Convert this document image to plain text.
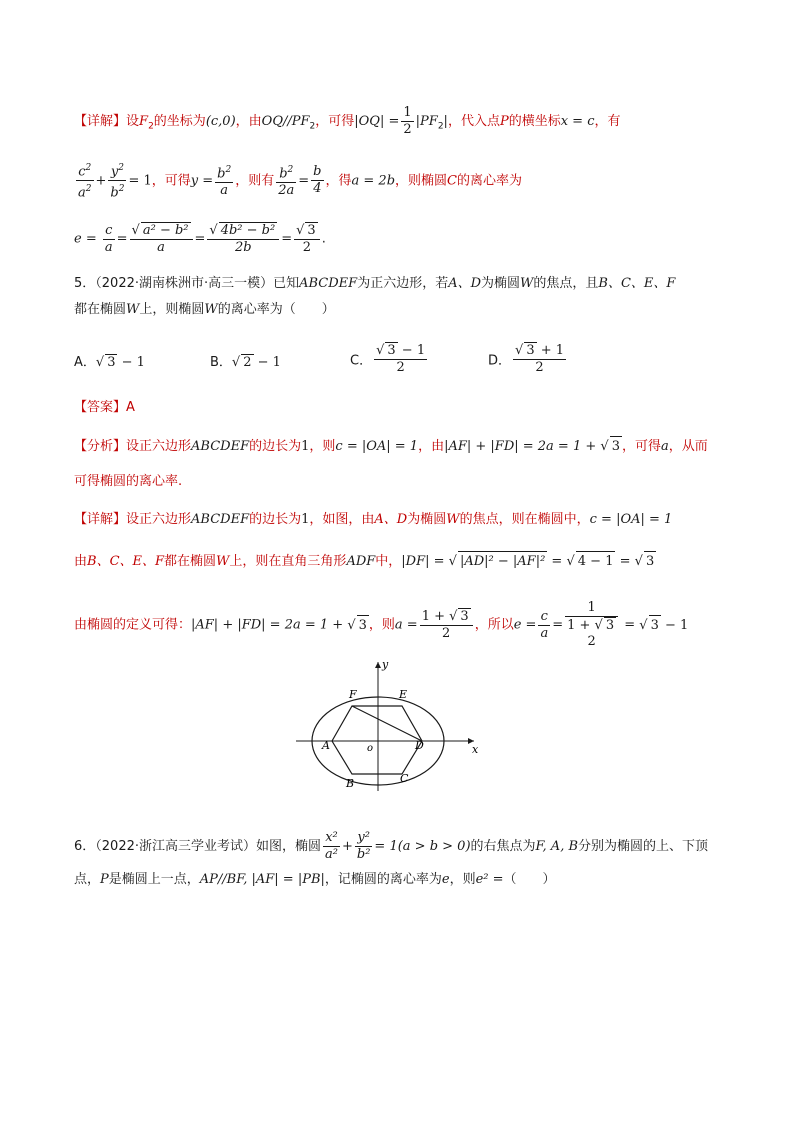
【详解】设$F_2$的坐标为(c,0)，由$OQ//PF_2$，可得$|OQ| = \frac{1}{2} |PF_2|$，代入点P的横坐标x = c，有
$\frac{c^2}{a^2} + \frac{y^2}{b^2} = 1$，可得$y = \frac{b^2}{a}$ ，则有 $\frac{b^2}{2a} = \frac{b}{4}$ ，得a = 2b，则椭圆C的离心率为
$e = \frac{c}{a} = \frac{\text{√ a² − b²}}{a} = \frac{\text{√ 4b² − b²}}{2b} = \frac{√ 3}{2}$ .
5．（2022·湖南株洲市·高三一模）已知ABCDEF为正六边形，若A、D为椭圆W的焦点，且B、C、E、F
都在椭圆W上，则椭圆W的离心率为（　　）
A．√ 3 − 1	B．√ 2 − 1	C． $\frac{√ 3 - 1}{2}$	D． $\frac{√ 3 + 1}{2}$
【答案】A
【分析】设正六边形ABCDEF的边长为1，则c = |OA| = 1，由|AF| + |FD| = 2a = 1 + √ 3 ，可得a，从而
可得椭圆的离心率.
【详解】设正六边形ABCDEF的边长为1，如图，由A、D为椭圆W的焦点，则在椭圆中，c = |OA| = 1
由B、C、E、F都在椭圆W上，则在直角三角形ADF中，|DF| = √ |AD|² − |AF|² = √ 4 − 1 = √ 3
由椭圆的定义可得：|AF| + |FD| = 2a = 1 + √ 3 ，则$a = \frac{1 + √ 3}{2}$ ，所以$e = \frac{c}{a}$ =
1
1 + √ 3
2
= √ 3 − 1
x
y
o
A
B	C
D
E
F
6．（2022·浙江高三学业考试）如图，椭圆 $\frac{\text{x²}}{\text{a²}} + \frac{\text{y²}}{\text{b²}} = 1(a > b > 0)$的右焦点为F, A, B分别为椭圆的上、下顶
点，P是椭圆上一点，AP//BF, |AF| = |PB|，记椭圆的离心率为e，则e² =（　　）
